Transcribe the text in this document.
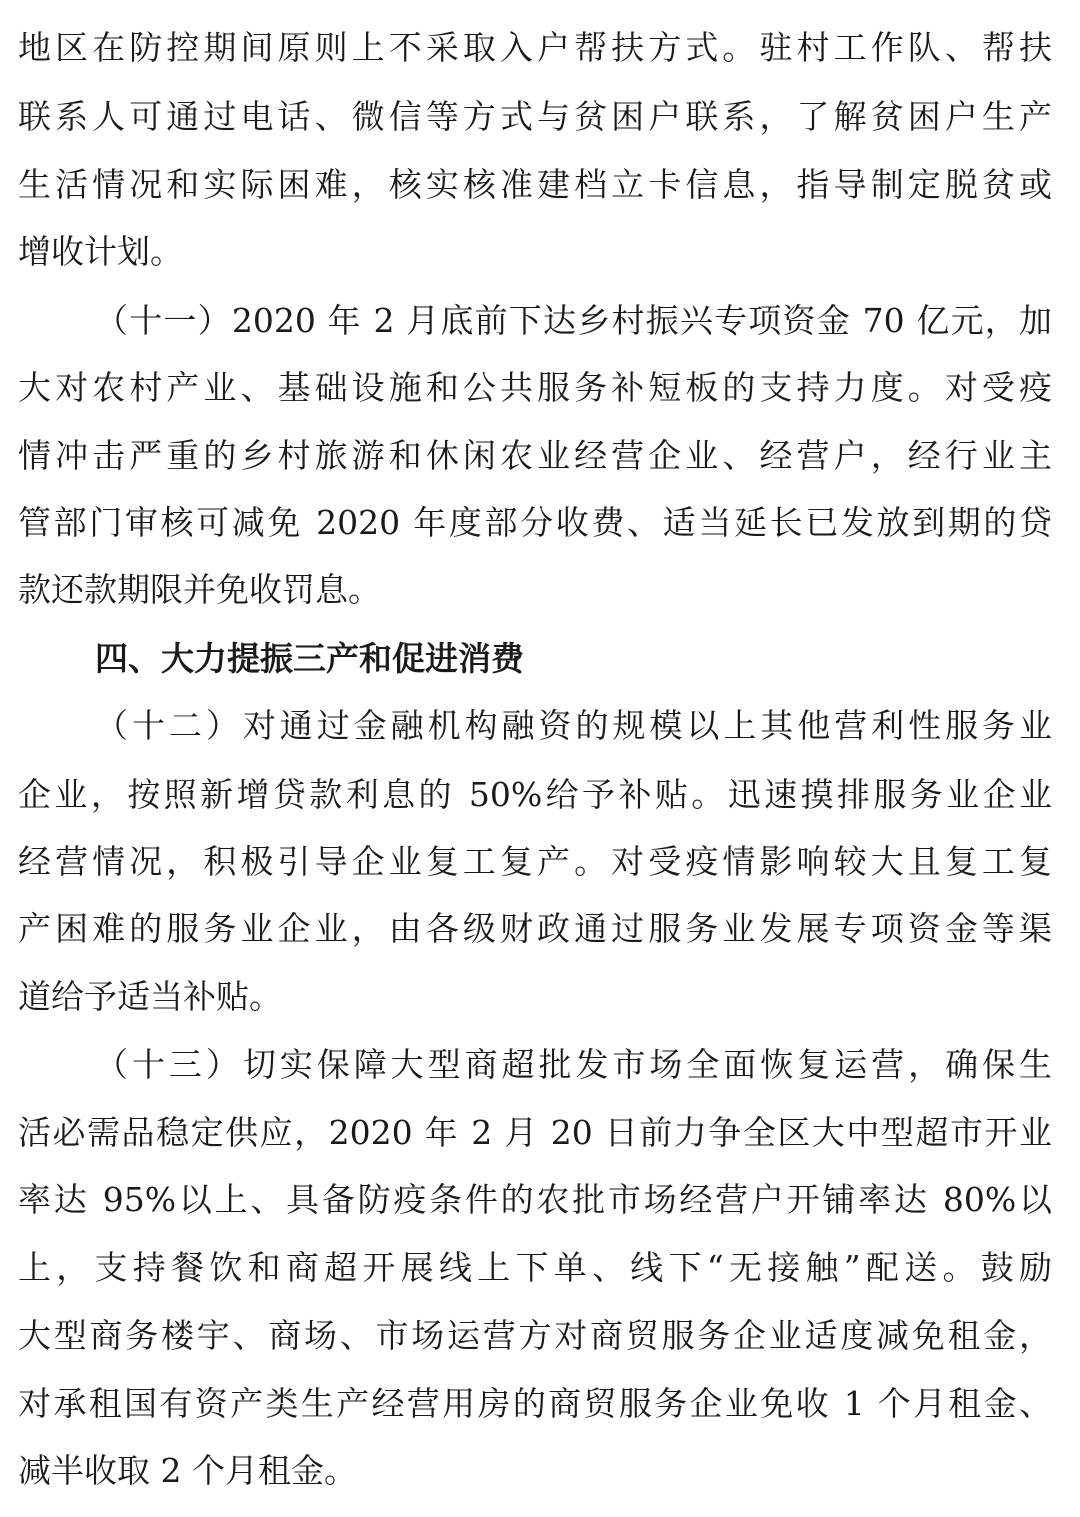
地区在防控期间原则上不采取入户帮扶方式。驻村工作队、帮扶
联系人可通过电话、微信等方式与贫困户联系，了解贫困户生产
生活情况和实际困难，核实核准建档立卡信息，指导制定脱贫或
增收计划。
（十一）2020 年 2 月底前下达乡村振兴专项资金 70 亿元，加
大对农村产业、基础设施和公共服务补短板的支持力度。对受疫
情冲击严重的乡村旅游和休闲农业经营企业、经营户，经行业主
管部门审核可减免 2020 年度部分收费、适当延长已发放到期的贷
款还款期限并免收罚息。
四、大力提振三产和促进消费
（十二）对通过金融机构融资的规模以上其他营利性服务业
企业，按照新增贷款利息的 50%给予补贴。迅速摸排服务业企业
经营情况，积极引导企业复工复产。对受疫情影响较大且复工复
产困难的服务业企业，由各级财政通过服务业发展专项资金等渠
道给予适当补贴。
（十三）切实保障大型商超批发市场全面恢复运营，确保生
活必需品稳定供应，2020 年 2 月 20 日前力争全区大中型超市开业
率达 95%以上、具备防疫条件的农批市场经营户开铺率达 80%以
上，支持餐饮和商超开展线上下单、线下“无接触”配送。鼓励
大型商务楼宇、商场、市场运营方对商贸服务企业适度减免租金，
对承租国有资产类生产经营用房的商贸服务企业免收 1 个月租金、
减半收取 2 个月租金。
